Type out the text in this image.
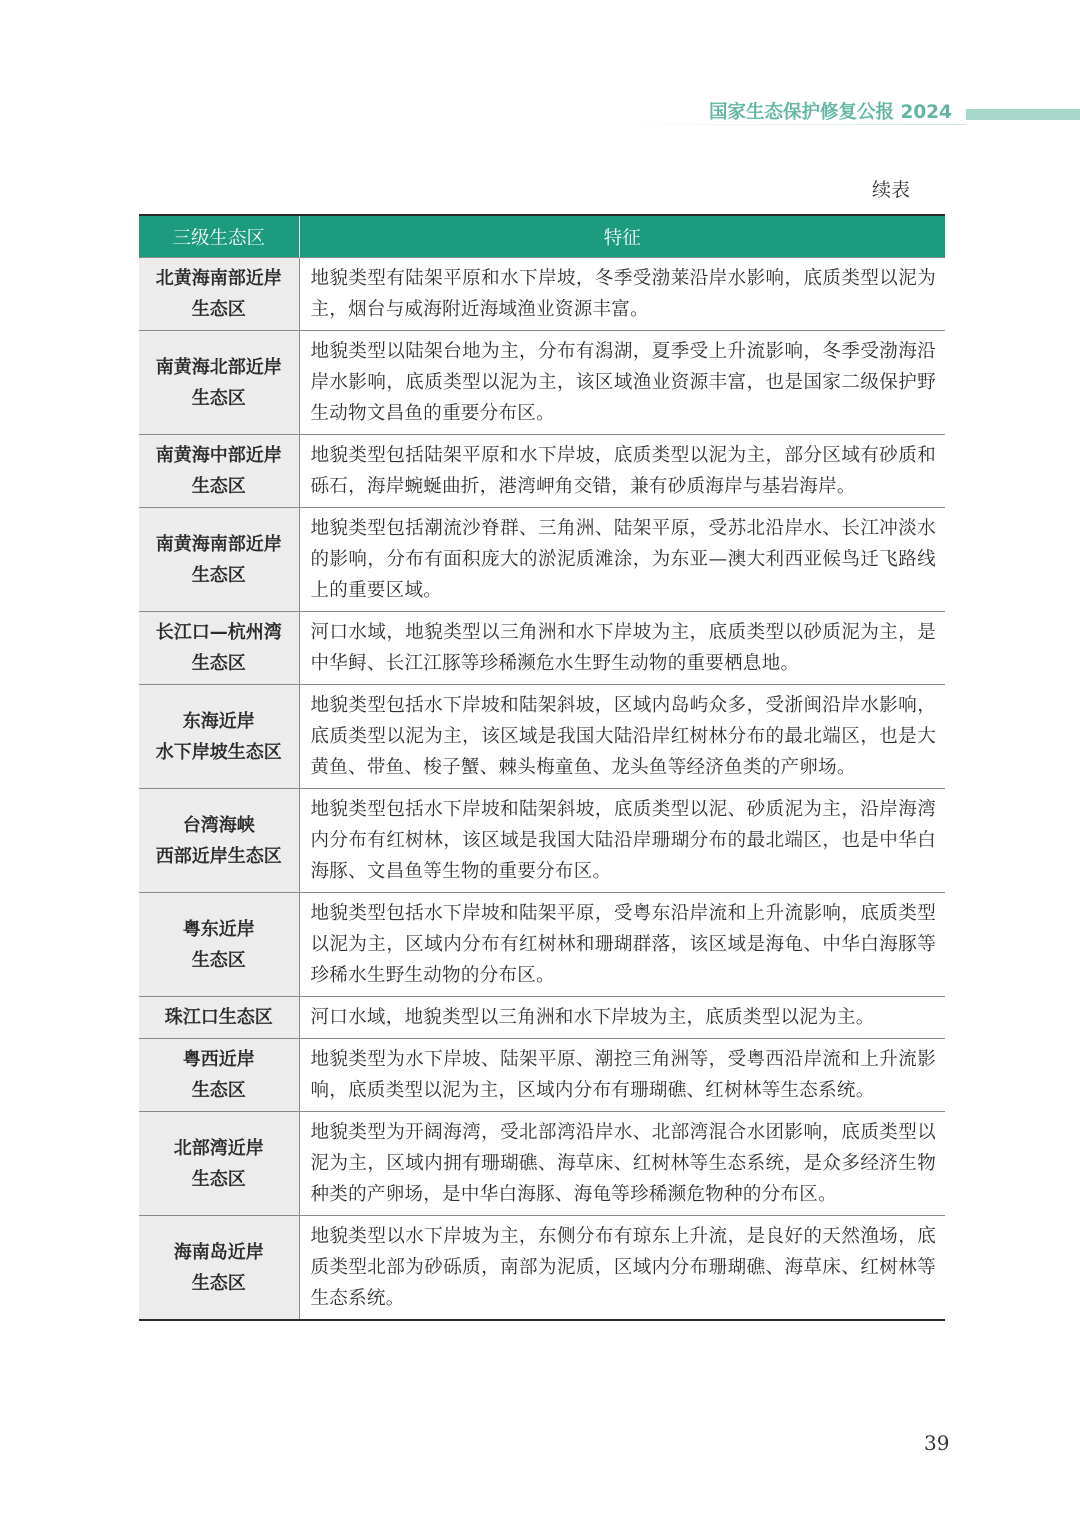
国家生态保护修复公报 2024
续表
三级生态区	特征

北黄海南部近岸
生态区	地貌类型有陆架平原和水下岸坡，冬季受渤莱沿岸水影响，底质类型以泥为主，烟台与威海附近海域渔业资源丰富。

南黄海北部近岸
生态区	地貌类型以陆架台地为主，分布有潟湖，夏季受上升流影响，冬季受渤海沿岸水影响，底质类型以泥为主，该区域渔业资源丰富，也是国家二级保护野生动物文昌鱼的重要分布区。

南黄海中部近岸
生态区	地貌类型包括陆架平原和水下岸坡，底质类型以泥为主，部分区域有砂质和砾石，海岸蜿蜒曲折，港湾岬角交错，兼有砂质海岸与基岩海岸。

南黄海南部近岸
生态区	地貌类型包括潮流沙脊群、三角洲、陆架平原，受苏北沿岸水、长江冲淡水的影响，分布有面积庞大的淤泥质滩涂，为东亚—澳大利西亚候鸟迁飞路线上的重要区域。

长江口—杭州湾
生态区	河口水域，地貌类型以三角洲和水下岸坡为主，底质类型以砂质泥为主，是中华鲟、长江江豚等珍稀濒危水生野生动物的重要栖息地。

东海近岸
水下岸坡生态区	地貌类型包括水下岸坡和陆架斜坡，区域内岛屿众多，受浙闽沿岸水影响，底质类型以泥为主，该区域是我国大陆沿岸红树林分布的最北端区，也是大黄鱼、带鱼、梭子蟹、棘头梅童鱼、龙头鱼等经济鱼类的产卵场。

台湾海峡
西部近岸生态区	地貌类型包括水下岸坡和陆架斜坡，底质类型以泥、砂质泥为主，沿岸海湾内分布有红树林，该区域是我国大陆沿岸珊瑚分布的最北端区，也是中华白海豚、文昌鱼等生物的重要分布区。

粤东近岸
生态区	地貌类型包括水下岸坡和陆架平原，受粤东沿岸流和上升流影响，底质类型以泥为主，区域内分布有红树林和珊瑚群落，该区域是海龟、中华白海豚等珍稀水生野生动物的分布区。

珠江口生态区	河口水域，地貌类型以三角洲和水下岸坡为主，底质类型以泥为主。

粤西近岸
生态区	地貌类型为水下岸坡、陆架平原、潮控三角洲等，受粤西沿岸流和上升流影响，底质类型以泥为主，区域内分布有珊瑚礁、红树林等生态系统。

北部湾近岸
生态区	地貌类型为开阔海湾，受北部湾沿岸水、北部湾混合水团影响，底质类型以泥为主，区域内拥有珊瑚礁、海草床、红树林等生态系统，是众多经济生物种类的产卵场，是中华白海豚、海龟等珍稀濒危物种的分布区。

海南岛近岸
生态区	地貌类型以水下岸坡为主，东侧分布有琼东上升流，是良好的天然渔场，底质类型北部为砂砾质，南部为泥质，区域内分布珊瑚礁、海草床、红树林等生态系统。
39
